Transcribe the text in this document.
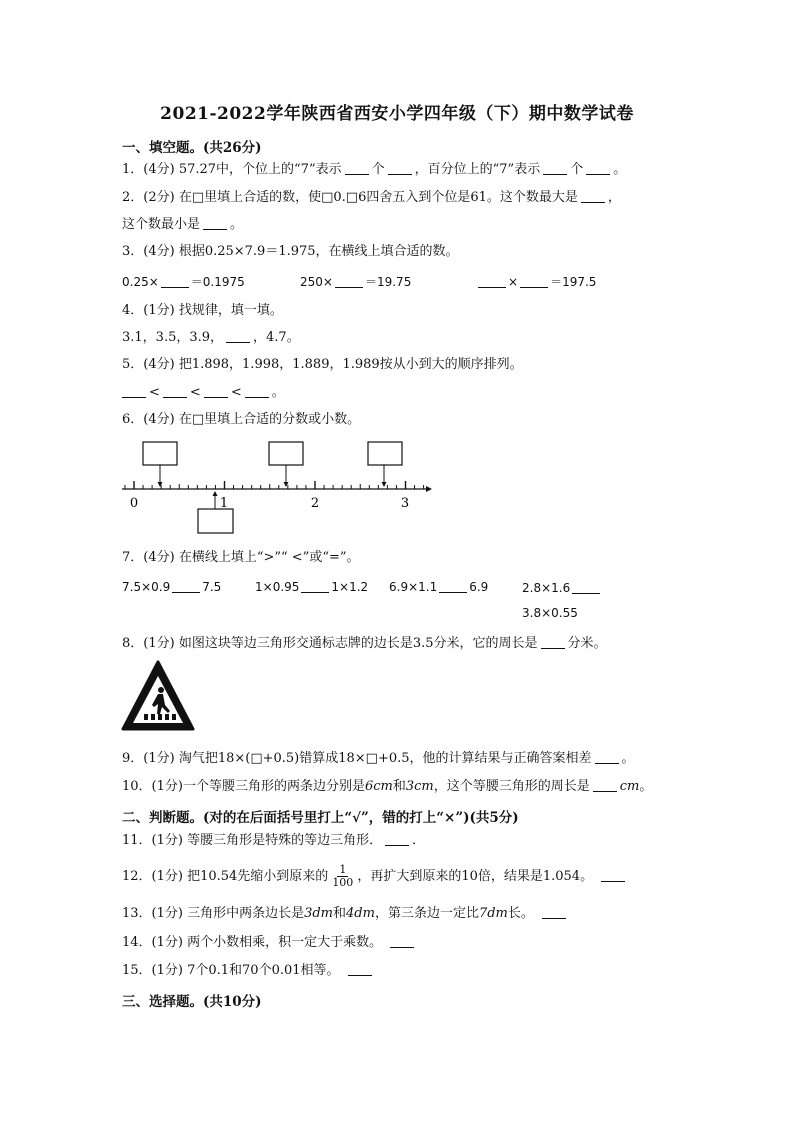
2021-2022学年陕西省西安小学四年级（下）期中数学试卷
一、填空题。(共26分)
1．(4分) 57.27中，个位上的“7”表示 个 ，百分位上的“7”表示 个 。
2．(2分) 在□里填上合适的数，使□0.□6四舍五入到个位是61。这个数最大是 ，
这个数最小是 。
3．(4分) 根据0.25×7.9＝1.975，在横线上填合适的数。
0.25×	＝0.1975	250×	＝19.75	×	＝197.5
4．(1分) 找规律，填一填。
3.1，3.5，3.9， ，4.7。
5．(4分) 把1.898，1.998，1.889，1.989按从小到大的顺序排列。
< < < 。
6．(4分) 在□里填上合适的分数或小数。
0	1	2	3
7．(4分) 在横线上填上“>”“ <”或“=”。
7.5×0.9	7.5	1×0.95	1×1.2 6.9×1.1	6.9	2.8×1.6
3.8×0.55
8．(1分) 如图这块等边三角形交通标志牌的边长是3.5分米，它的周长是 分米。
9．(1分) 淘气把18×(□+0.5)错算成18×□+0.5，他的计算结果与正确答案相差 。
10．(1分)一个等腰三角形的两条边分别是6cm和3cm，这个等腰三角形的周长是 cm。
二、判断题。(对的在后面括号里打上“√”，错的打上“×”)(共5分)
11．(1分) 等腰三角形是特殊的等边三角形． ．
12．(1分) 把10.54先缩小到原来的 $\frac{1}{100}$ ，再扩大到原来的10倍，结果是1.054。
13．(1分) 三角形中两条边长是3dm和4dm，第三条边一定比7dm长。
14．(1分) 两个小数相乘，积一定大于乘数。
15．(1分) 7个0.1和70个0.01相等。
三、选择题。(共10分)
